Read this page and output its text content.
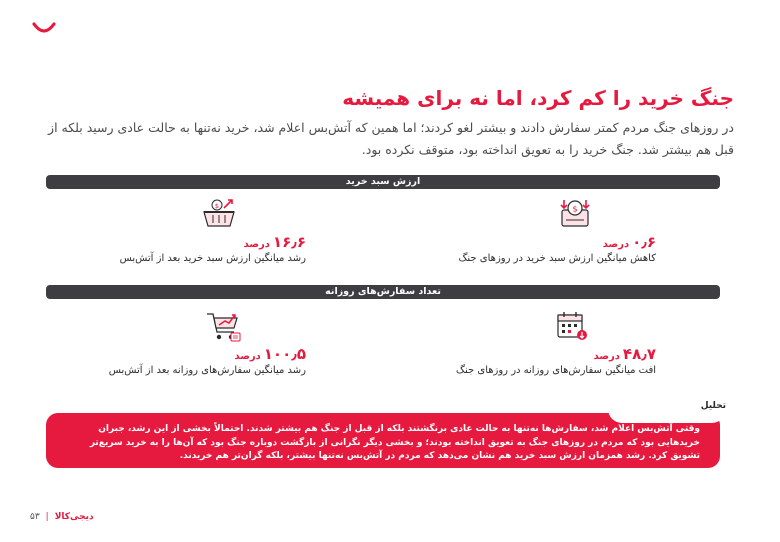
جنگ خرید را کم کرد، اما نه برای همیشه

در روزهای جنگ مردم کمتر سفارش دادند و بیشتر لغو کردند؛ اما همین که آتش‌بس اعلام شد، خرید نه‌تنها به حالت عادی رسید بلکه از قبل هم بیشتر شد. جنگ خرید را به تعویق انداخته بود، متوقف نکرده بود.

ارزش سبد خرید
$
۰٫۶درصد
کاهش میانگین ارزش سبد خرید در روزهای جنگ
$
۱۶٫۶درصد
رشد میانگین ارزش سبد خرید بعد از آتش‌بس
تعداد سفارش‌های روزانه
۴۸٫۷درصد
افت میانگین سفارش‌های روزانه در روزهای جنگ
۱۰۰٫۵درصد
رشد میانگین سفارش‌های روزانه بعد از آتش‌بس
تحلیل

وقتی آتش‌بس اعلام شد، سفارش‌ها نه‌تنها به حالت عادی برنگشتند بلکه از قبل از جنگ هم بیشتر شدند. احتمالاً بخشی از این رشد، جبران خریدهایی بود که مردم در روزهای جنگ به تعویق انداخته بودند؛ و بخشی دیگر نگرانی از بازگشت دوباره جنگ بود که آن‌ها را به خرید سریع‌تر تشویق کرد. رشد همزمان ارزش سبد خرید هم نشان می‌دهد که مردم در آتش‌بس نه‌تنها بیشتر، بلکه گران‌تر هم خریدند.

۵۳ | دیجی‌کالا
